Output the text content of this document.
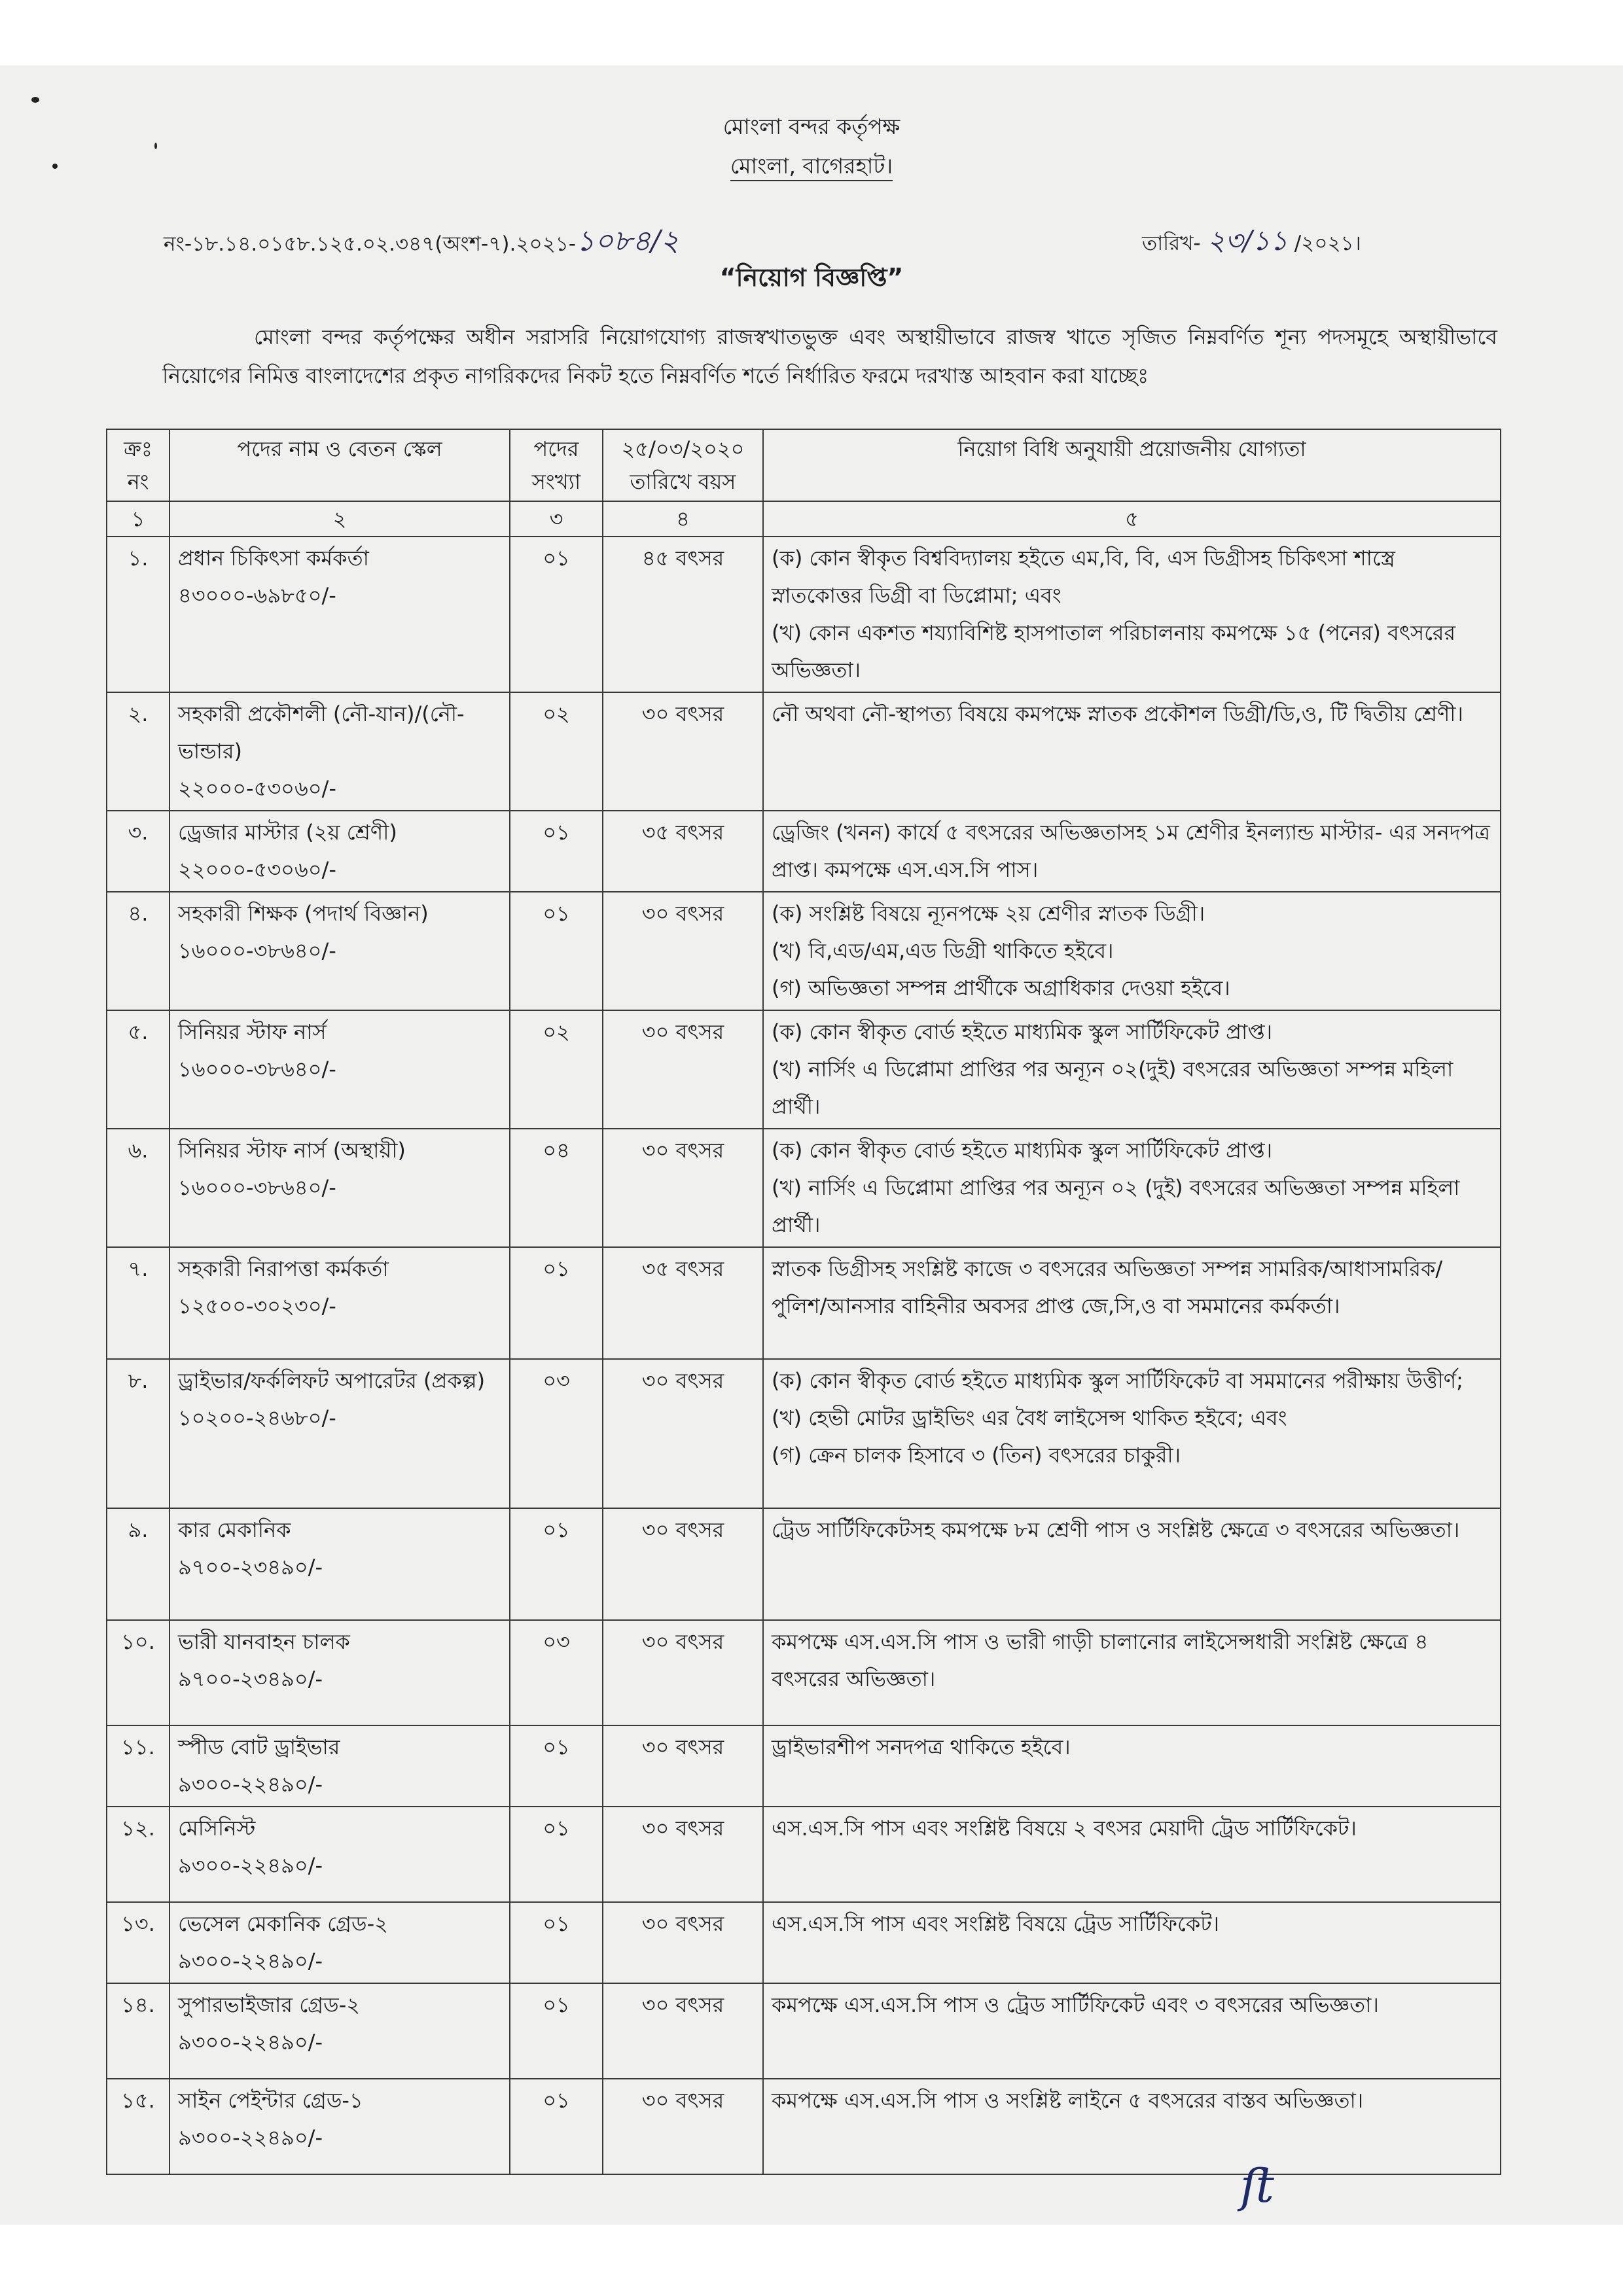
মোংলা বন্দর কর্তৃপক্ষ
মোংলা, বাগেরহাট।
নং-১৮.১৪.০১৫৮.১২৫.০২.৩৪৭(অংশ-৭).২০২১-১০৮৪/২	তারিখ- ২৩/১১ /২০২১।
“নিয়োগ বিজ্ঞপ্তি”
মোংলা বন্দর কর্তৃপক্ষের অধীন সরাসরি নিয়োগযোগ্য রাজস্বখাতভুক্ত এবং অস্থায়ীভাবে রাজস্ব খাতে সৃজিত নিম্নবর্ণিত শূন্য পদসমূহে অস্থায়ীভাবে নিয়োগের নিমিত্ত বাংলাদেশের প্রকৃত নাগরিকদের নিকট হতে নিম্নবর্ণিত শর্তে নির্ধারিত ফরমে দরখাস্ত আহবান করা যাচ্ছেঃ
ক্রঃ নং	পদের নাম ও বেতন স্কেল	পদের সংখ্যা	২৫/০৩/২০২০ তারিখে বয়স	নিয়োগ বিধি অনুযায়ী প্রয়োজনীয় যোগ্যতা
১	২	৩	৪	৫
১.	প্রধান চিকিৎসা কর্মকর্তা
৪৩০০০-৬৯৮৫০/-	০১	৪৫ বৎসর	(ক) কোন স্বীকৃত বিশ্ববিদ্যালয় হইতে এম,বি, বি, এস ডিগ্রীসহ চিকিৎসা শাস্ত্রে স্নাতকোত্তর ডিগ্রী বা ডিপ্লোমা; এবং
(খ) কোন একশত শয্যাবিশিষ্ট হাসপাতাল পরিচালনায় কমপক্ষে ১৫ (পনের) বৎসরের অভিজ্ঞতা।

২.	সহকারী প্রকৌশলী (নৌ-যান)/(নৌ-ভান্ডার)
২২০০০-৫৩০৬০/-	০২	৩০ বৎসর	নৌ অথবা নৌ-স্থাপত্য বিষয়ে কমপক্ষে স্নাতক প্রকৌশল ডিগ্রী/ডি,ও, টি দ্বিতীয় শ্রেণী।

৩.	ড্রেজার মাস্টার (২য় শ্রেণী)
২২০০০-৫৩০৬০/-	০১	৩৫ বৎসর	ড্রেজিং (খনন) কার্যে ৫ বৎসরের অভিজ্ঞতাসহ ১ম শ্রেণীর ইনল্যান্ড মাস্টার- এর সনদপত্র প্রাপ্ত। কমপক্ষে এস.এস.সি পাস।

৪.	সহকারী শিক্ষক (পদার্থ বিজ্ঞান)
১৬০০০-৩৮৬৪০/-	০১	৩০ বৎসর	(ক) সংশ্লিষ্ট বিষয়ে ন্যূনপক্ষে ২য় শ্রেণীর স্নাতক ডিগ্রী।
(খ) বি,এড/এম,এড ডিগ্রী থাকিতে হইবে।
(গ) অভিজ্ঞতা সম্পন্ন প্রার্থীকে অগ্রাধিকার দেওয়া হইবে।

৫.	সিনিয়র স্টাফ নার্স
১৬০০০-৩৮৬৪০/-	০২	৩০ বৎসর	(ক) কোন স্বীকৃত বোর্ড হইতে মাধ্যমিক স্কুল সার্টিফিকেট প্রাপ্ত।
(খ) নার্সিং এ ডিপ্লোমা প্রাপ্তির পর অন্যূন ০২(দুই) বৎসরের অভিজ্ঞতা সম্পন্ন মহিলা প্রার্থী।

৬.	সিনিয়র স্টাফ নার্স (অস্থায়ী)
১৬০০০-৩৮৬৪০/-	০৪	৩০ বৎসর	(ক) কোন স্বীকৃত বোর্ড হইতে মাধ্যমিক স্কুল সার্টিফিকেট প্রাপ্ত।
(খ) নার্সিং এ ডিপ্লোমা প্রাপ্তির পর অন্যূন ০২ (দুই) বৎসরের অভিজ্ঞতা সম্পন্ন মহিলা প্রার্থী।

৭.	সহকারী নিরাপত্তা কর্মকর্তা
১২৫০০-৩০২৩০/-	০১	৩৫ বৎসর	স্নাতক ডিগ্রীসহ সংশ্লিষ্ট কাজে ৩ বৎসরের অভিজ্ঞতা সম্পন্ন সামরিক/আধাসামরিক/পুলিশ/আনসার বাহিনীর অবসর প্রাপ্ত জে,সি,ও বা সমমানের কর্মকর্তা।

৮.	ড্রাইভার/ফর্কলিফট অপারেটর (প্রকল্প)
১০২০০-২৪৬৮০/-	০৩	৩০ বৎসর	(ক) কোন স্বীকৃত বোর্ড হইতে মাধ্যমিক স্কুল সার্টিফিকেট বা সমমানের পরীক্ষায় উত্তীর্ণ;
(খ) হেভী মোটর ড্রাইভিং এর বৈধ লাইসেন্স থাকিত হইবে; এবং
(গ) ক্রেন চালক হিসাবে ৩ (তিন) বৎসরের চাকুরী।

৯.	কার মেকানিক
৯৭০০-২৩৪৯০/-	০১	৩০ বৎসর	ট্রেড সার্টিফিকেটসহ কমপক্ষে ৮ম শ্রেণী পাস ও সংশ্লিষ্ট ক্ষেত্রে ৩ বৎসরের অভিজ্ঞতা।

১০.	ভারী যানবাহন চালক
৯৭০০-২৩৪৯০/-	০৩	৩০ বৎসর	কমপক্ষে এস.এস.সি পাস ও ভারী গাড়ী চালানোর লাইসেন্সধারী সংশ্লিষ্ট ক্ষেত্রে ৪ বৎসরের অভিজ্ঞতা।

১১.	স্পীড বোট ড্রাইভার
৯৩০০-২২৪৯০/-	০১	৩০ বৎসর	ড্রাইভারশীপ সনদপত্র থাকিতে হইবে।

১২.	মেসিনিস্ট
৯৩০০-২২৪৯০/-	০১	৩০ বৎসর	এস.এস.সি পাস এবং সংশ্লিষ্ট বিষয়ে ২ বৎসর মেয়াদী ট্রেড সার্টিফিকেট।

১৩.	ভেসেল মেকানিক গ্রেড-২
৯৩০০-২২৪৯০/-	০১	৩০ বৎসর	এস.এস.সি পাস এবং সংশ্লিষ্ট বিষয়ে ট্রেড সার্টিফিকেট।

১৪.	সুপারভাইজার গ্রেড-২
৯৩০০-২২৪৯০/-	০১	৩০ বৎসর	কমপক্ষে এস.এস.সি পাস ও ট্রেড সার্টিফিকেট এবং ৩ বৎসরের অভিজ্ঞতা।

১৫.	সাইন পেইন্টার গ্রেড-১
৯৩০০-২২৪৯০/-	০১	৩০ বৎসর	কমপক্ষে এস.এস.সি পাস ও সংশ্লিষ্ট লাইনে ৫ বৎসরের বাস্তব অভিজ্ঞতা।
ﬅ
